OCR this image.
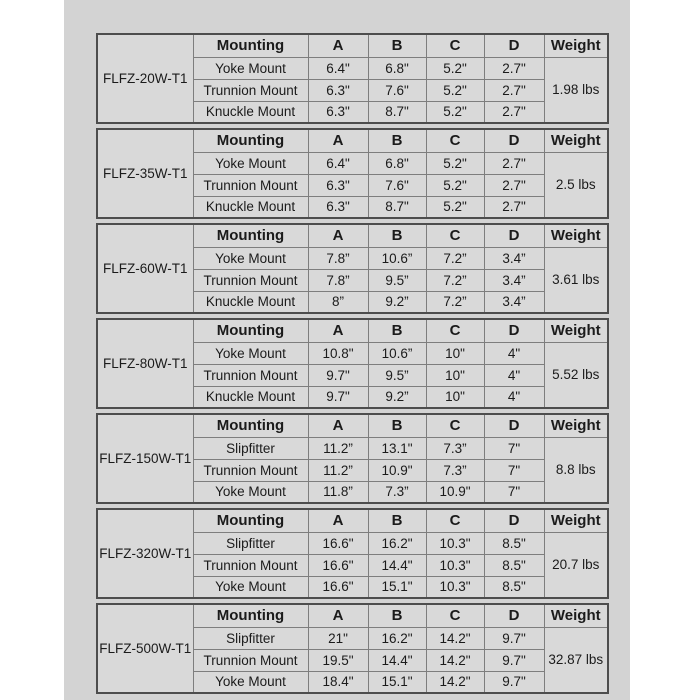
FLFZ-20W-T1	Mounting	A	B	C	D	Weight
	Yoke Mount	6.4"	6.8"	5.2"	2.7"	1.98 lbs
	Trunnion Mount	6.3"	7.6"	5.2"	2.7"	
	Knuckle Mount	6.3"	8.7"	5.2"	2.7"	
FLFZ-35W-T1	Mounting	A	B	C	D	Weight
	Yoke Mount	6.4"	6.8"	5.2"	2.7"	2.5 lbs
	Trunnion Mount	6.3"	7.6"	5.2"	2.7"	
	Knuckle Mount	6.3"	8.7"	5.2"	2.7"	
FLFZ-60W-T1	Mounting	A	B	C	D	Weight
	Yoke Mount	7.8”	10.6”	7.2”	3.4”	3.61 lbs
	Trunnion Mount	7.8”	9.5”	7.2”	3.4”	
	Knuckle Mount	8”	9.2”	7.2”	3.4”	
FLFZ-80W-T1	Mounting	A	B	C	D	Weight
	Yoke Mount	10.8"	10.6”	10"	4"	5.52 lbs
	Trunnion Mount	9.7"	9.5”	10"	4"	
	Knuckle Mount	9.7"	9.2”	10"	4"	
FLFZ-150W-T1	Mounting	A	B	C	D	Weight
	Slipfitter	11.2”	13.1"	7.3”	7"	8.8 lbs
	Trunnion Mount	11.2”	10.9"	7.3”	7"	
	Yoke Mount	11.8”	7.3”	10.9"	7"	
FLFZ-320W-T1	Mounting	A	B	C	D	Weight
	Slipfitter	16.6"	16.2"	10.3"	8.5"	20.7 lbs
	Trunnion Mount	16.6"	14.4"	10.3"	8.5"	
	Yoke Mount	16.6"	15.1"	10.3"	8.5"	
FLFZ-500W-T1	Mounting	A	B	C	D	Weight
	Slipfitter	21"	16.2"	14.2"	9.7"	32.87 lbs
	Trunnion Mount	19.5"	14.4"	14.2"	9.7"	
	Yoke Mount	18.4"	15.1"	14.2"	9.7"	
